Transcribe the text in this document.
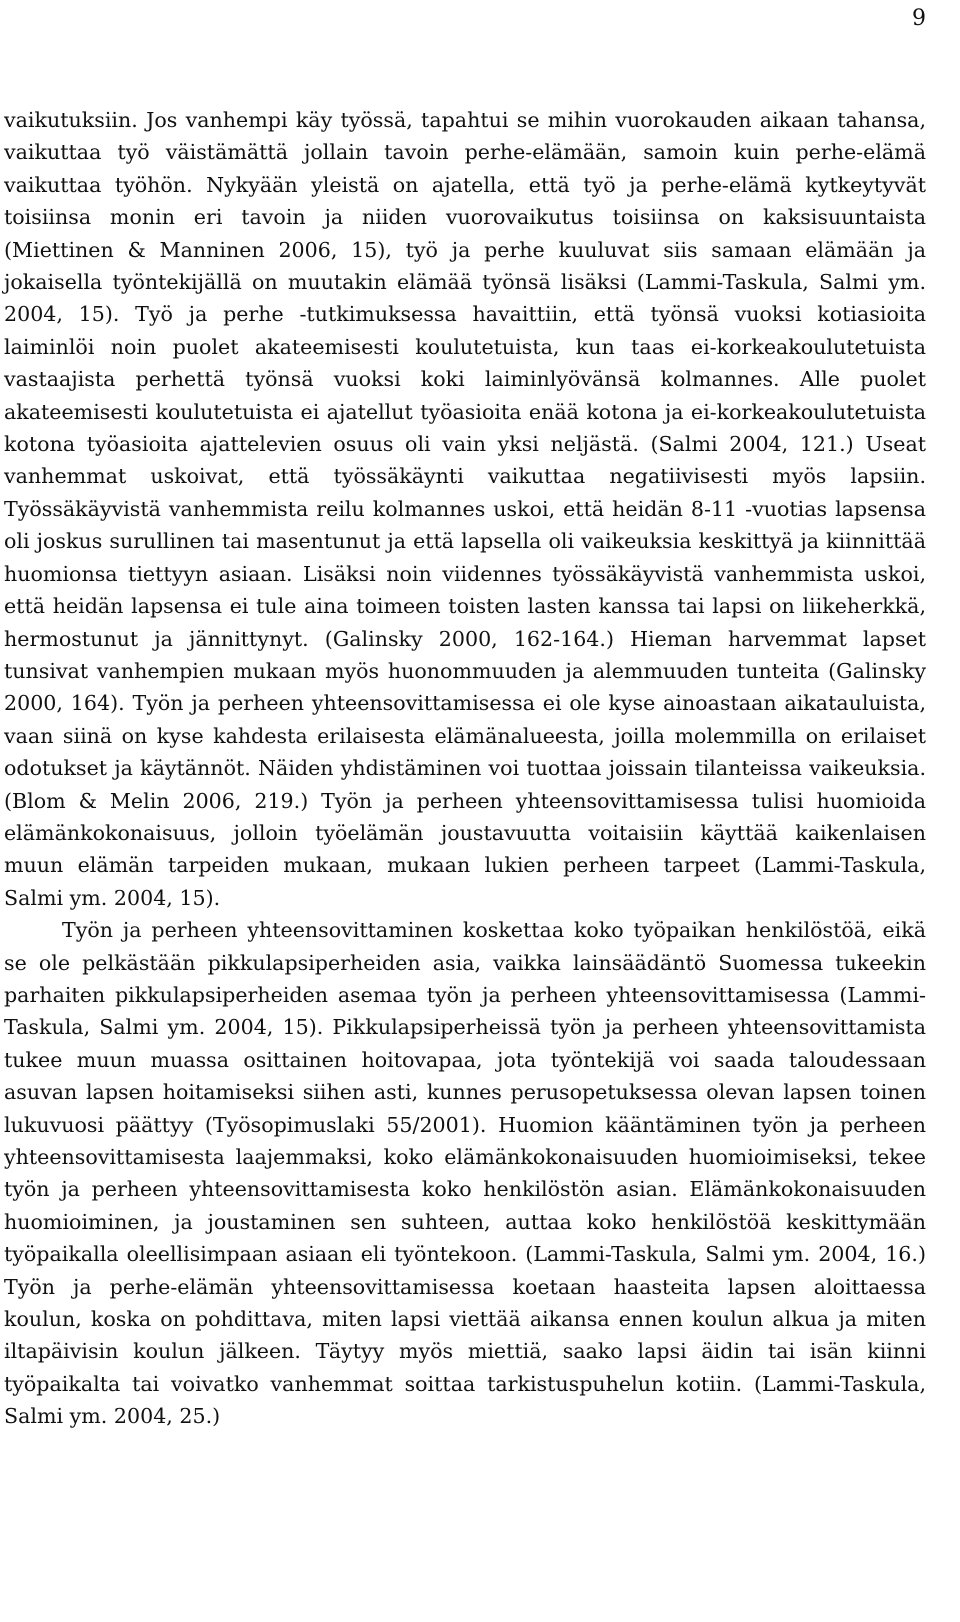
9

vaikutuksiin. Jos vanhempi käy työssä, tapahtui se mihin vuorokauden aikaan tahansa, vaikuttaa työ väistämättä jollain tavoin perhe-elämään, samoin kuin perhe-elämä vaikuttaa työhön. Nykyään yleistä on ajatella, että työ ja perhe-elämä kytkeytyvät toisiinsa monin eri tavoin ja niiden vuorovaikutus toisiinsa on kaksisuuntaista (Miettinen & Manninen 2006, 15), työ ja perhe kuuluvat siis samaan elämään ja jokaisella työntekijällä on muutakin elämää työnsä lisäksi (Lammi-Taskula, Salmi ym. 2004, 15). Työ ja perhe -tutkimuksessa havaittiin, että työnsä vuoksi kotiasioita laiminlöi noin puolet akateemisesti koulutetuista, kun taas ei-korkeakoulutetuista vastaajista perhettä työnsä vuoksi koki laiminlyövänsä kolmannes. Alle puolet akateemisesti koulutetuista ei ajatellut työasioita enää kotona ja ei-korkeakoulutetuista kotona työasioita ajattelevien osuus oli vain yksi neljästä. (Salmi 2004, 121.) Useat vanhemmat uskoivat, että työssäkäynti vaikuttaa negatiivisesti myös lapsiin. Työssäkäyvistä vanhemmista reilu kolmannes uskoi, että heidän 8-11 -vuotias lapsensa oli joskus surullinen tai masentunut ja että lapsella oli vaikeuksia keskittyä ja kiinnittää huomionsa tiettyyn asiaan. Lisäksi noin viidennes työssäkäyvistä vanhemmista uskoi, että heidän lapsensa ei tule aina toimeen toisten lasten kanssa tai lapsi on liikeherkkä, hermostunut ja jännittynyt. (Galinsky 2000, 162-164.) Hieman harvemmat lapset tunsivat vanhempien mukaan myös huonommuuden ja alemmuuden tunteita (Galinsky 2000, 164). Työn ja perheen yhteensovittamisessa ei ole kyse ainoastaan aikatauluista, vaan siinä on kyse kahdesta erilaisesta elämänalueesta, joilla molemmilla on erilaiset odotukset ja käytännöt. Näiden yhdistäminen voi tuottaa joissain tilanteissa vaikeuksia. (Blom & Melin 2006, 219.) Työn ja perheen yhteensovittamisessa tulisi huomioida elämänkokonaisuus, jolloin työelämän joustavuutta voitaisiin käyttää kaikenlaisen muun elämän tarpeiden mukaan, mukaan lukien perheen tarpeet (Lammi-Taskula, Salmi ym. 2004, 15).

Työn ja perheen yhteensovittaminen koskettaa koko työpaikan henkilöstöä, eikä se ole pelkästään pikkulapsiperheiden asia, vaikka lainsäädäntö Suomessa tukeekin parhaiten pikkulapsiperheiden asemaa työn ja perheen yhteensovittamisessa (Lammi-Taskula, Salmi ym. 2004, 15). Pikkulapsiperheissä työn ja perheen yhteensovittamista tukee muun muassa osittainen hoitovapaa, jota työntekijä voi saada taloudessaan asuvan lapsen hoitamiseksi siihen asti, kunnes perusopetuksessa olevan lapsen toinen lukuvuosi päättyy (Työsopimuslaki 55/2001). Huomion kääntäminen työn ja perheen yhteensovittamisesta laajemmaksi, koko elämänkokonaisuuden huomioimiseksi, tekee työn ja perheen yhteensovittamisesta koko henkilöstön asian. Elämänkokonaisuuden huomioiminen, ja joustaminen sen suhteen, auttaa koko henkilöstöä keskittymään työpaikalla oleellisimpaan asiaan eli työntekoon. (Lammi-Taskula, Salmi ym. 2004, 16.) Työn ja perhe-elämän yhteensovittamisessa koetaan haasteita lapsen aloittaessa koulun, koska on pohdittava, miten lapsi viettää aikansa ennen koulun alkua ja miten iltapäivisin koulun jälkeen. Täytyy myös miettiä, saako lapsi äidin tai isän kiinni työpaikalta tai voivatko vanhemmat soittaa tarkistuspuhelun kotiin. (Lammi-Taskula, Salmi ym. 2004, 25.)
